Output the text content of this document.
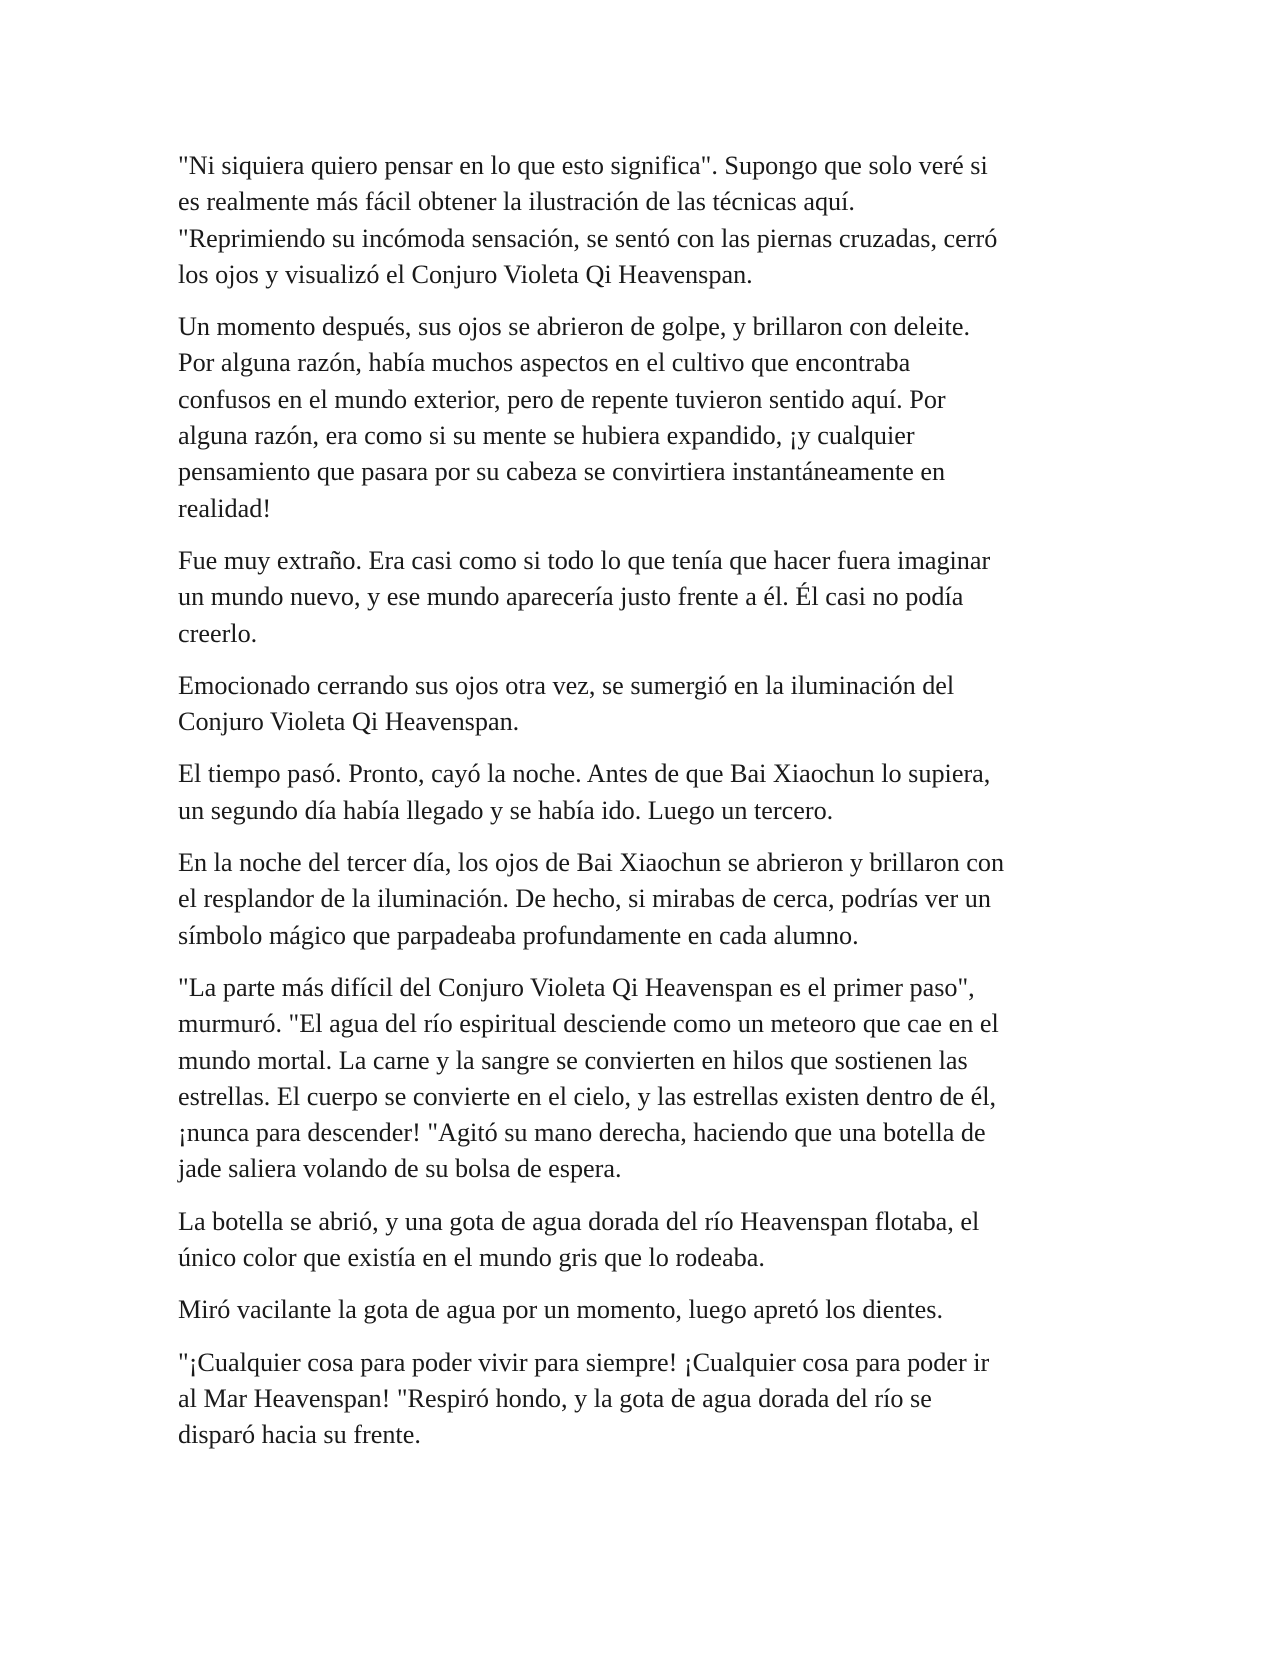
"Ni siquiera quiero pensar en lo que esto significa". Supongo que solo veré si
es realmente más fácil obtener la ilustración de las técnicas aquí.
"Reprimiendo su incómoda sensación, se sentó con las piernas cruzadas, cerró
los ojos y visualizó el Conjuro Violeta Qi Heavenspan.

Un momento después, sus ojos se abrieron de golpe, y brillaron con deleite.
Por alguna razón, había muchos aspectos en el cultivo que encontraba
confusos en el mundo exterior, pero de repente tuvieron sentido aquí. Por
alguna razón, era como si su mente se hubiera expandido, ¡y cualquier
pensamiento que pasara por su cabeza se convirtiera instantáneamente en
realidad!

Fue muy extraño. Era casi como si todo lo que tenía que hacer fuera imaginar
un mundo nuevo, y ese mundo aparecería justo frente a él. Él casi no podía
creerlo.

Emocionado cerrando sus ojos otra vez, se sumergió en la iluminación del
Conjuro Violeta Qi Heavenspan.

El tiempo pasó. Pronto, cayó la noche. Antes de que Bai Xiaochun lo supiera,
un segundo día había llegado y se había ido. Luego un tercero.

En la noche del tercer día, los ojos de Bai Xiaochun se abrieron y brillaron con
el resplandor de la iluminación. De hecho, si mirabas de cerca, podrías ver un
símbolo mágico que parpadeaba profundamente en cada alumno.

"La parte más difícil del Conjuro Violeta Qi Heavenspan es el primer paso",
murmuró. "El agua del río espiritual desciende como un meteoro que cae en el
mundo mortal. La carne y la sangre se convierten en hilos que sostienen las
estrellas. El cuerpo se convierte en el cielo, y las estrellas existen dentro de él,
¡nunca para descender! "Agitó su mano derecha, haciendo que una botella de
jade saliera volando de su bolsa de espera.

La botella se abrió, y una gota de agua dorada del río Heavenspan flotaba, el
único color que existía en el mundo gris que lo rodeaba.

Miró vacilante la gota de agua por un momento, luego apretó los dientes.

"¡Cualquier cosa para poder vivir para siempre! ¡Cualquier cosa para poder ir
al Mar Heavenspan! "Respiró hondo, y la gota de agua dorada del río se
disparó hacia su frente.
